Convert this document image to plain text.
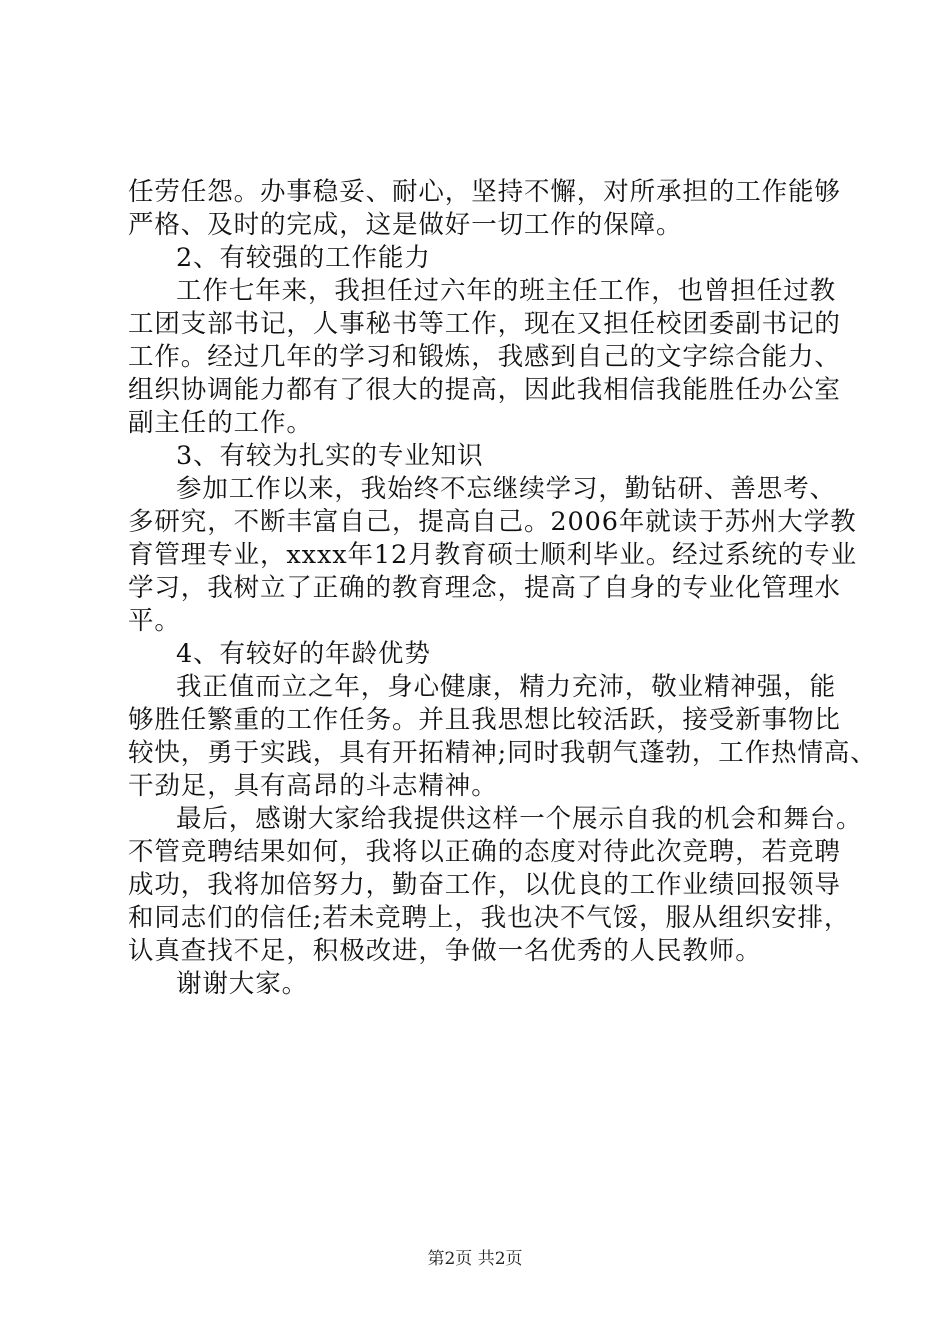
任劳任怨。办事稳妥、耐心，坚持不懈，对所承担的工作能够
严格、及时的完成，这是做好一切工作的保障。
2、有较强的工作能力
工作七年来，我担任过六年的班主任工作，也曾担任过教
工团支部书记，人事秘书等工作，现在又担任校团委副书记的
工作。经过几年的学习和锻炼，我感到自己的文字综合能力、
组织协调能力都有了很大的提高，因此我相信我能胜任办公室
副主任的工作。
3、有较为扎实的专业知识
参加工作以来，我始终不忘继续学习，勤钻研、善思考、
多研究，不断丰富自己，提高自己。2006年就读于苏州大学教
育管理专业，xxxx年12月教育硕士顺利毕业。经过系统的专业
学习，我树立了正确的教育理念，提高了自身的专业化管理水
平。
4、有较好的年龄优势
我正值而立之年，身心健康，精力充沛，敬业精神强，能
够胜任繁重的工作任务。并且我思想比较活跃，接受新事物比
较快，勇于实践，具有开拓精神;同时我朝气蓬勃，工作热情高、
干劲足，具有高昂的斗志精神。
最后，感谢大家给我提供这样一个展示自我的机会和舞台。
不管竞聘结果如何，我将以正确的态度对待此次竞聘，若竞聘
成功，我将加倍努力，勤奋工作，以优良的工作业绩回报领导
和同志们的信任;若未竞聘上，我也决不气馁，服从组织安排，
认真查找不足，积极改进，争做一名优秀的人民教师。
谢谢大家。
第2页 共2页
